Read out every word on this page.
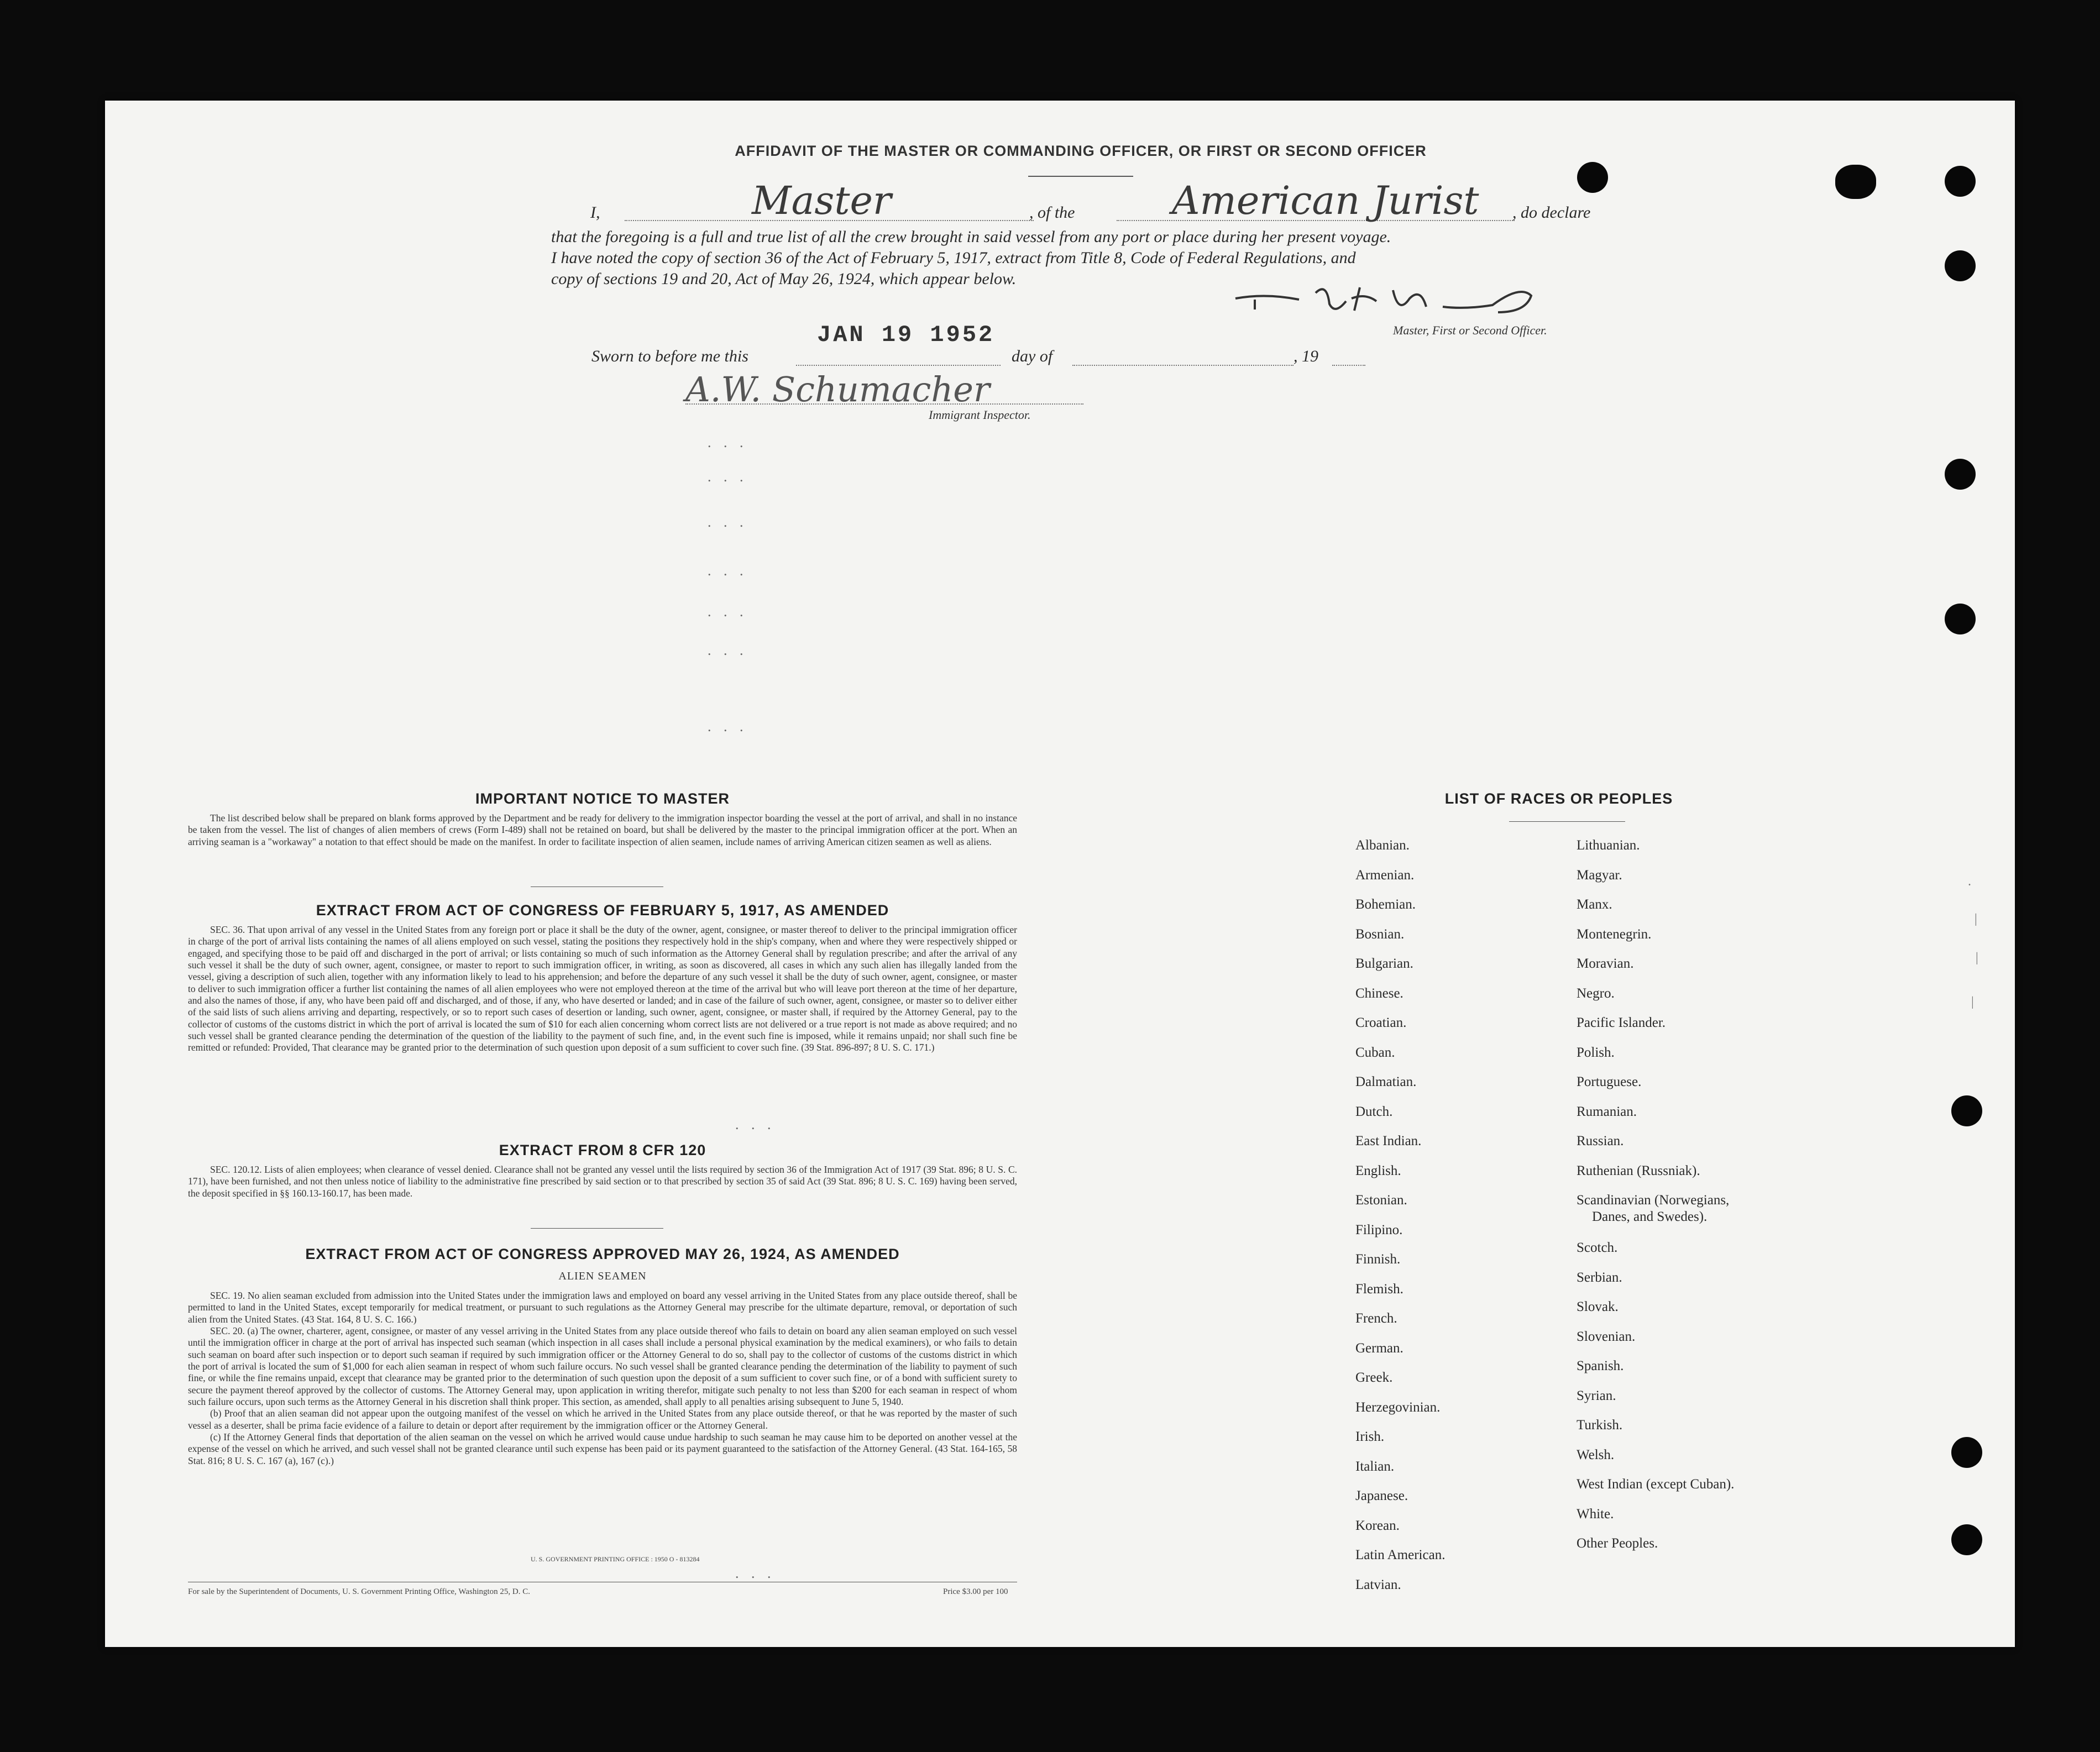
AFFIDAVIT OF THE MASTER OR COMMANDING OFFICER, OR FIRST OR SECOND OFFICER
I,	Master	, of the	American Jurist , do declare
that the foregoing is a full and true list of all the crew brought in said vessel from any port or place during her present voyage.
I have noted the copy of section 36 of the Act of February 5, 1917, extract from Title 8, Code of Federal Regulations, and
copy of sections 19 and 20, Act of May 26, 1924, which appear below.
Master, First or Second Officer.
JAN 19 1952
Sworn to before me this	day of	, 19
A.W. Schumacher
Immigrant Inspector.
. . .
. . .
. . .
. . .
. . .
. . .
. . .
IMPORTANT NOTICE TO MASTER

The list described below shall be prepared on blank forms approved by the Department and be ready for delivery to the immigration inspector boarding the vessel at the port of arrival, and shall in no instance be taken from the vessel. The list of changes of alien members of crews (Form I-489) shall not be retained on board, but shall be delivered by the master to the principal immigration officer at the port. When an arriving seaman is a "workaway" a notation to that effect should be made on the manifest. In order to facilitate inspection of alien seamen, include names of arriving American citizen seamen as well as aliens.

EXTRACT FROM ACT OF CONGRESS OF FEBRUARY 5, 1917, AS AMENDED

SEC. 36. That upon arrival of any vessel in the United States from any foreign port or place it shall be the duty of the owner, agent, consignee, or master thereof to deliver to the principal immigration officer in charge of the port of arrival lists containing the names of all aliens employed on such vessel, stating the positions they respectively hold in the ship's company, when and where they were respectively shipped or engaged, and specifying those to be paid off and discharged in the port of arrival; or lists containing so much of such information as the Attorney General shall by regulation prescribe; and after the arrival of any such vessel it shall be the duty of such owner, agent, consignee, or master to report to such immigration officer, in writing, as soon as discovered, all cases in which any such alien has illegally landed from the vessel, giving a description of such alien, together with any information likely to lead to his apprehension; and before the departure of any such vessel it shall be the duty of such owner, agent, consignee, or master to deliver to such immigration officer a further list containing the names of all alien employees who were not employed thereon at the time of the arrival but who will leave port thereon at the time of her departure, and also the names of those, if any, who have been paid off and discharged, and of those, if any, who have deserted or landed; and in case of the failure of such owner, agent, consignee, or master so to deliver either of the said lists of such aliens arriving and departing, respectively, or so to report such cases of desertion or landing, such owner, agent, consignee, or master shall, if required by the Attorney General, pay to the collector of customs of the customs district in which the port of arrival is located the sum of $10 for each alien concerning whom correct lists are not delivered or a true report is not made as above required; and no such vessel shall be granted clearance pending the determination of the question of the liability to the payment of such fine, and, in the event such fine is imposed, while it remains unpaid; nor shall such fine be remitted or refunded: Provided, That clearance may be granted prior to the determination of such question upon deposit of a sum sufficient to cover such fine. (39 Stat. 896-897; 8 U. S. C. 171.)

. . .
EXTRACT FROM 8 CFR 120

SEC. 120.12. Lists of alien employees; when clearance of vessel denied. Clearance shall not be granted any vessel until the lists required by section 36 of the Immigration Act of 1917 (39 Stat. 896; 8 U. S. C. 171), have been furnished, and not then unless notice of liability to the administrative fine prescribed by said section or to that prescribed by section 35 of said Act (39 Stat. 896; 8 U. S. C. 169) having been served, the deposit specified in §§ 160.13-160.17, has been made.

EXTRACT FROM ACT OF CONGRESS APPROVED MAY 26, 1924, AS AMENDED
ALIEN SEAMEN

SEC. 19. No alien seaman excluded from admission into the United States under the immigration laws and employed on board any vessel arriving in the United States from any place outside thereof, shall be permitted to land in the United States, except temporarily for medical treatment, or pursuant to such regulations as the Attorney General may prescribe for the ultimate departure, removal, or deportation of such alien from the United States. (43 Stat. 164, 8 U. S. C. 166.)

SEC. 20. (a) The owner, charterer, agent, consignee, or master of any vessel arriving in the United States from any place outside thereof who fails to detain on board any alien seaman employed on such vessel until the immigration officer in charge at the port of arrival has inspected such seaman (which inspection in all cases shall include a personal physical examination by the medical examiners), or who fails to detain such seaman on board after such inspection or to deport such seaman if required by such immigration officer or the Attorney General to do so, shall pay to the collector of customs of the customs district in which the port of arrival is located the sum of $1,000 for each alien seaman in respect of whom such failure occurs. No such vessel shall be granted clearance pending the determination of the liability to payment of such fine, or while the fine remains unpaid, except that clearance may be granted prior to the determination of such question upon the deposit of a sum sufficient to cover such fine, or of a bond with sufficient surety to secure the payment thereof approved by the collector of customs. The Attorney General may, upon application in writing therefor, mitigate such penalty to not less than $200 for each seaman in respect of whom such failure occurs, upon such terms as the Attorney General in his discretion shall think proper. This section, as amended, shall apply to all penalties arising subsequent to June 5, 1940.

(b) Proof that an alien seaman did not appear upon the outgoing manifest of the vessel on which he arrived in the United States from any place outside thereof, or that he was reported by the master of such vessel as a deserter, shall be prima facie evidence of a failure to detain or deport after requirement by the immigration officer or the Attorney General.

(c) If the Attorney General finds that deportation of the alien seaman on the vessel on which he arrived would cause undue hardship to such seaman he may cause him to be deported on another vessel at the expense of the vessel on which he arrived, and such vessel shall not be granted clearance until such expense has been paid or its payment guaranteed to the satisfaction of the Attorney General. (43 Stat. 164-165, 58 Stat. 816; 8 U. S. C. 167 (a), 167 (c).)

U. S. GOVERNMENT PRINTING OFFICE : 1950 O - 813284
. . .
For sale by the Superintendent of Documents, U. S. Government Printing Office, Washington 25, D. C.	Price $3.00 per 100
LIST OF RACES OR PEOPLES
Albanian.
Armenian.
Bohemian.
Bosnian.
Bulgarian.
Chinese.
Croatian.
Cuban.
Dalmatian.
Dutch.
East Indian.
English.
Estonian.
Filipino.
Finnish.
Flemish.
French.
German.
Greek.
Herzegovinian.
Irish.
Italian.
Japanese.
Korean.
Latin American.
Latvian.
Lithuanian.
Magyar.
Manx.
Montenegrin.
Moravian.
Negro.
Pacific Islander.
Polish.
Portuguese.
Rumanian.
Russian.
Ruthenian (Russniak).
Scandinavian (Norwegians,
Danes, and Swedes).
Scotch.
Serbian.
Slovak.
Slovenian.
Spanish.
Syrian.
Turkish.
Welsh.
West Indian (except Cuban).
White.
Other Peoples.
.
|
|
|
